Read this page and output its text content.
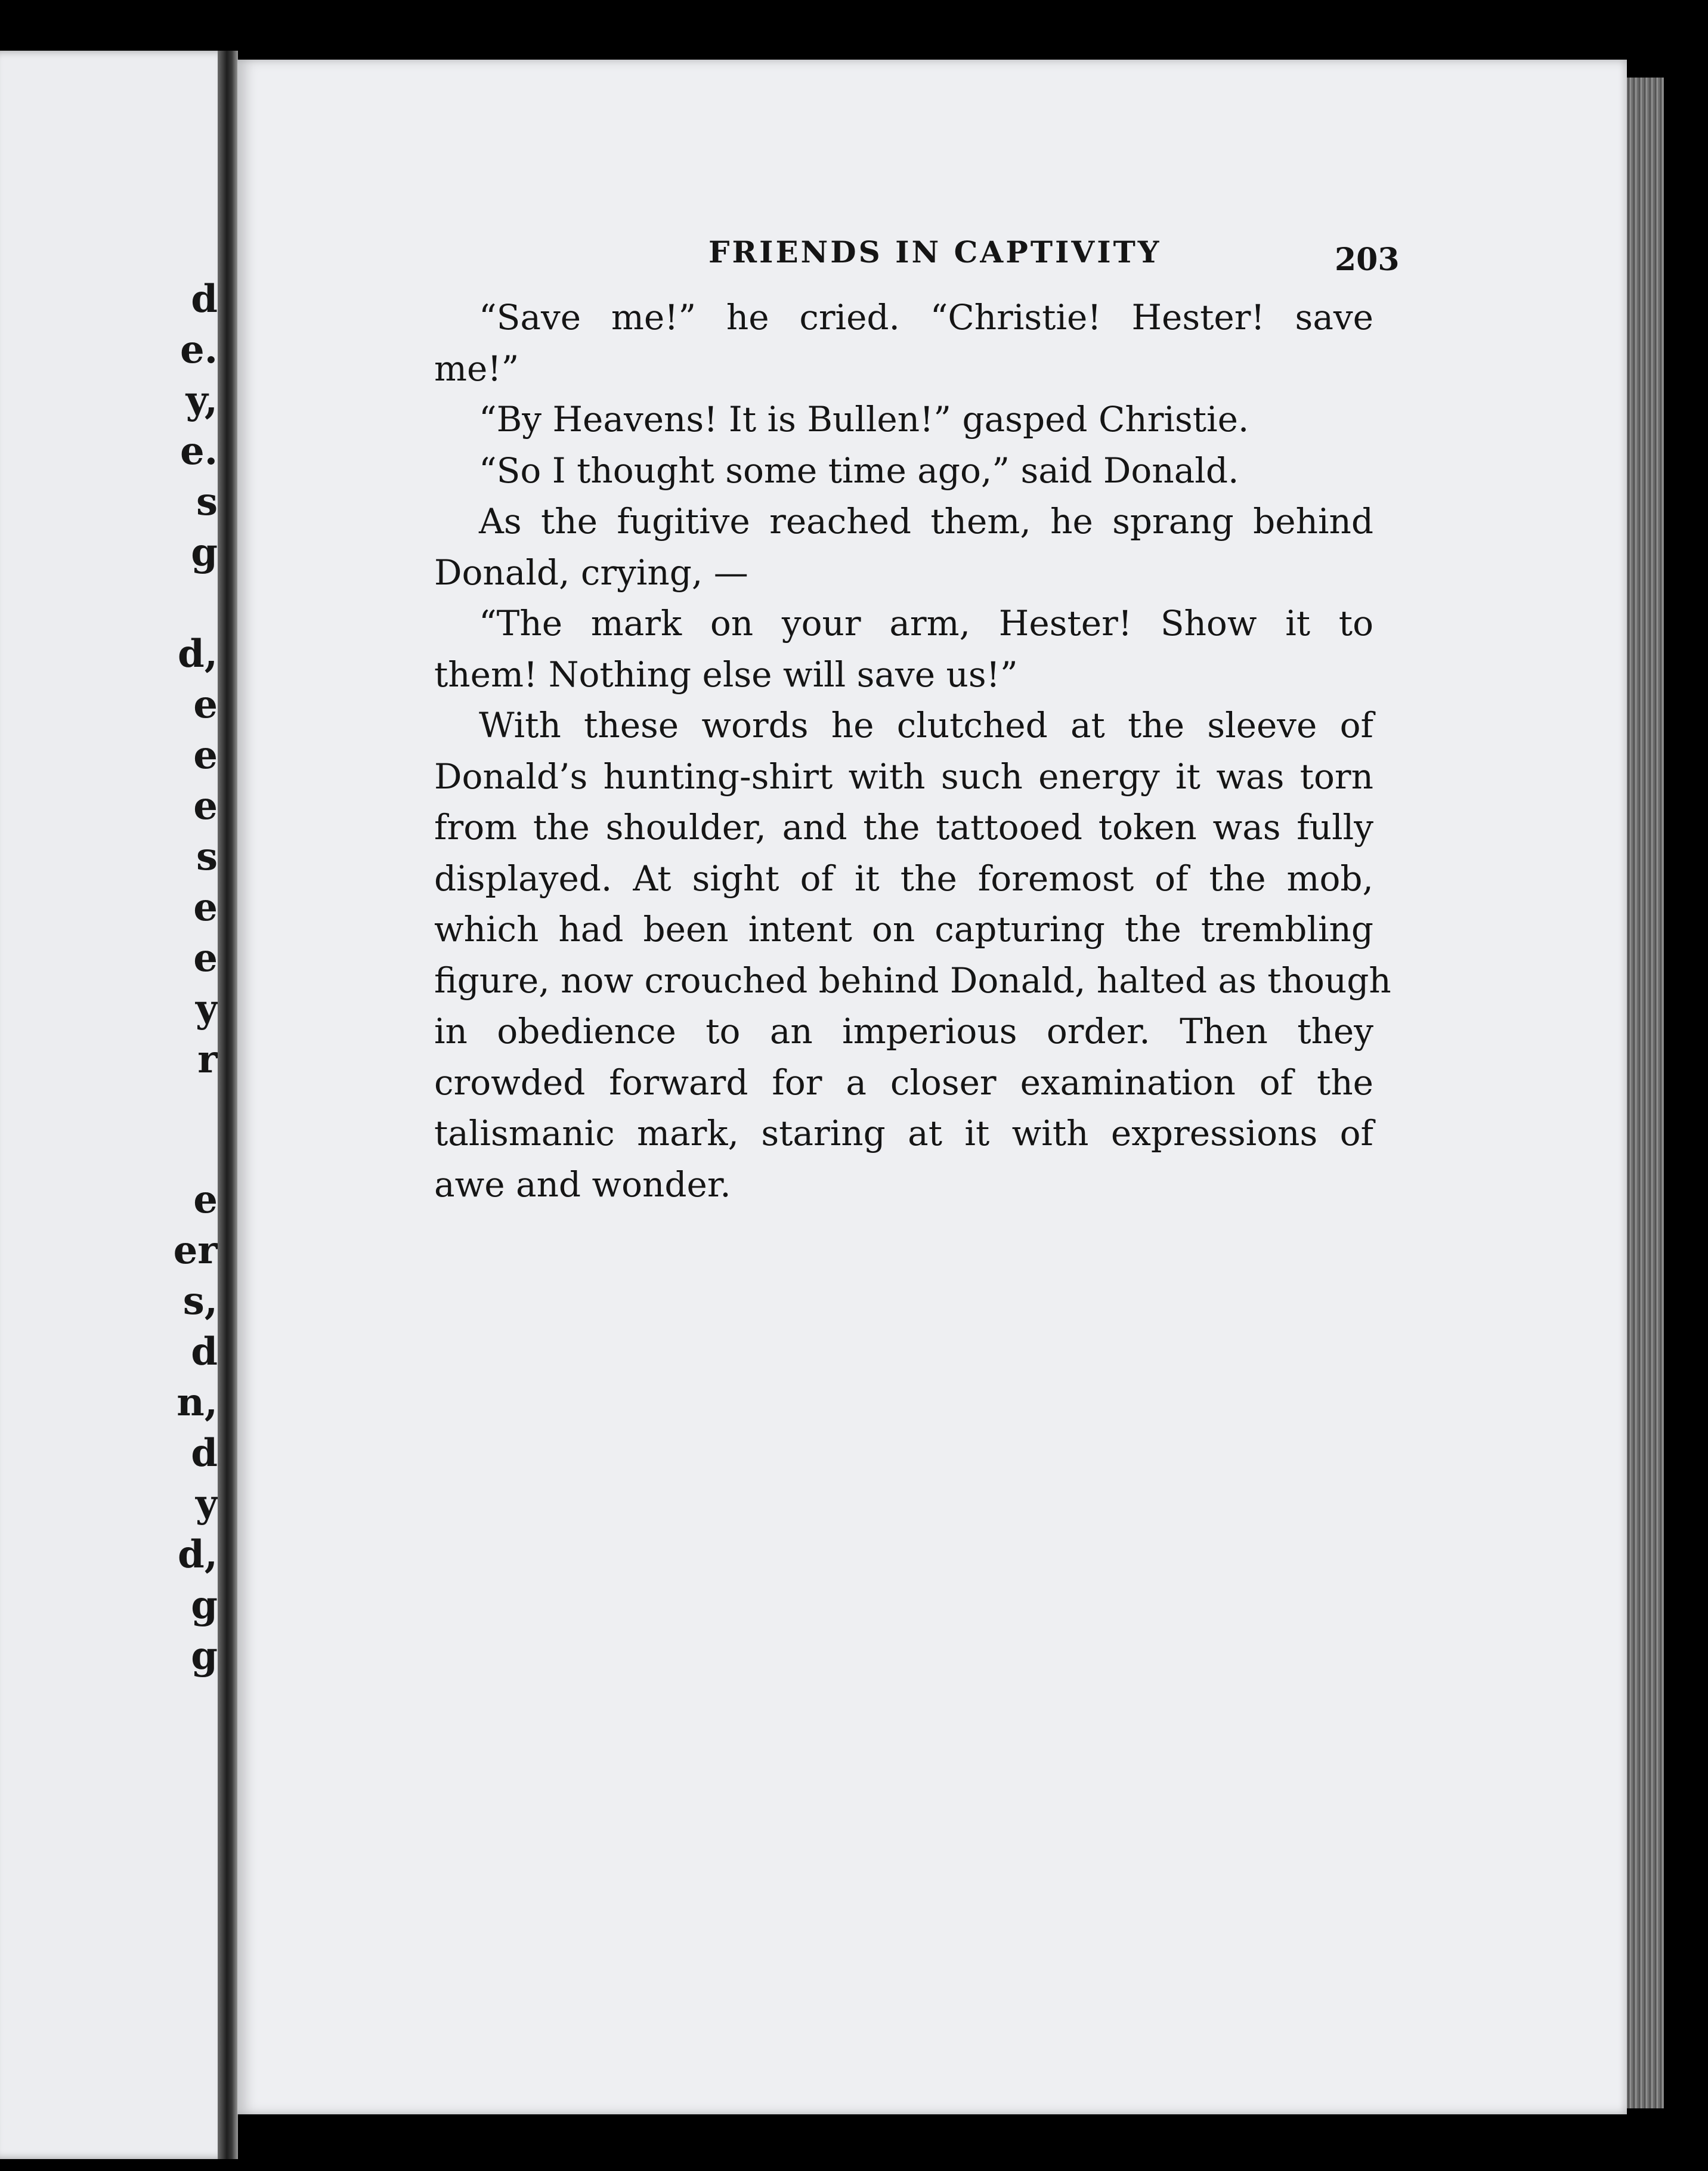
d
e.
y,
e.
s
g
d,
e
e
e
s
e
e
y
r
e
er
s,
d
n,
d
y
d,
g
g
FRIENDS IN CAPTIVITY	203
“Save me!” he cried. “Christie! Hester! save
me!”
“By Heavens! It is Bullen!” gasped Christie.
“So I thought some time ago,” said Donald.
As the fugitive reached them, he sprang behind
Donald, crying, —
“The mark on your arm, Hester! Show it to
them! Nothing else will save us!”
With these words he clutched at the sleeve of
Donald’s hunting-shirt with such energy it was torn
from the shoulder, and the tattooed token was fully
displayed. At sight of it the foremost of the mob,
which had been intent on capturing the trembling
figure, now crouched behind Donald, halted as though
in obedience to an imperious order. Then they
crowded forward for a closer examination of the
talismanic mark, staring at it with expressions of
awe and wonder.
